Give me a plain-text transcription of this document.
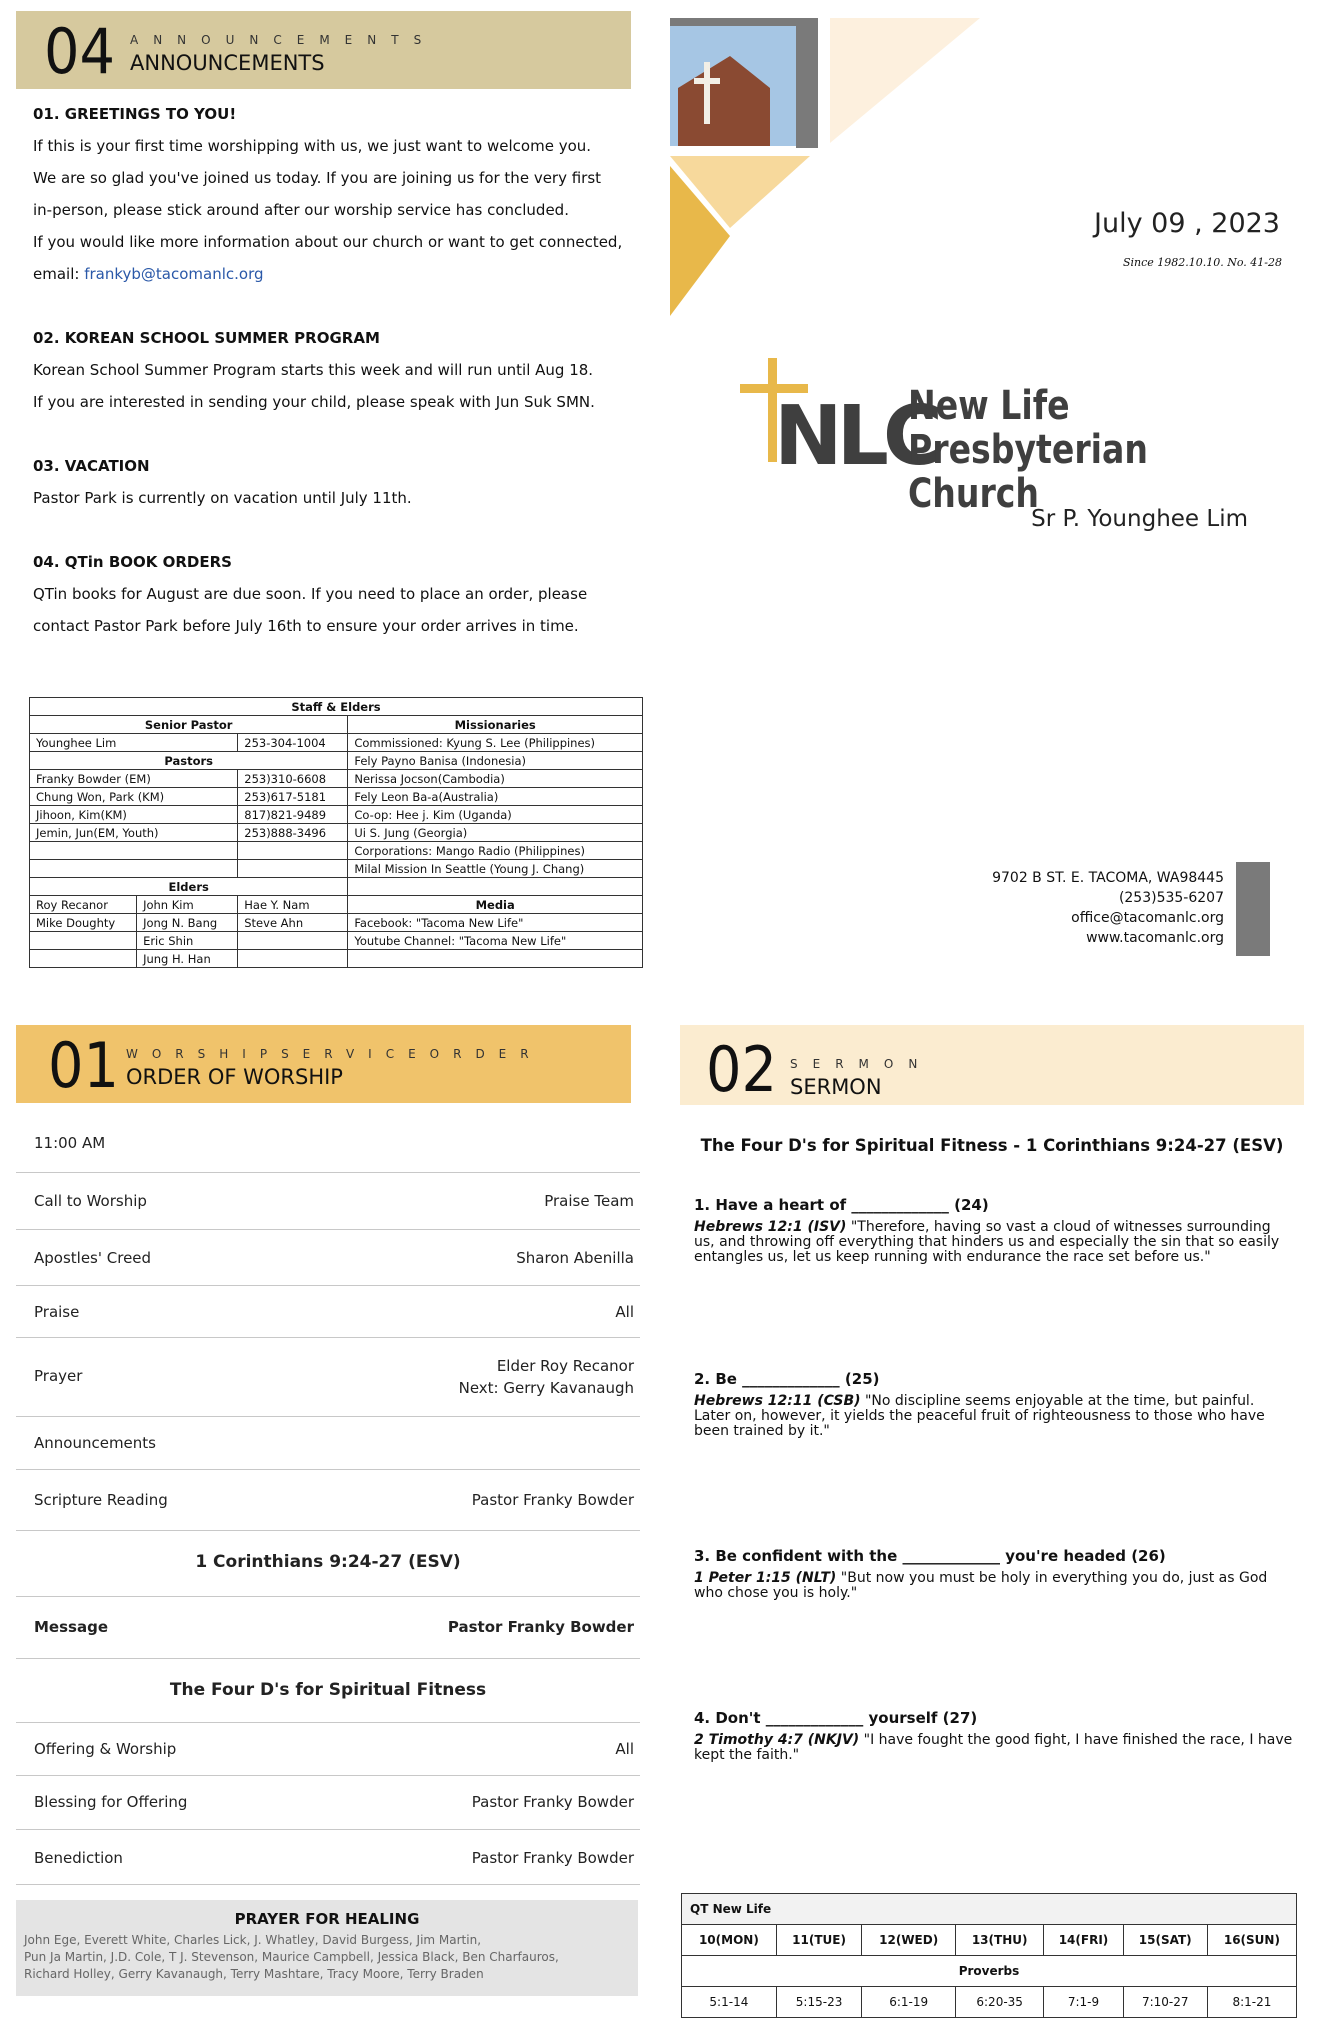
04 ANNOUNCEMENTS
ANNOUNCEMENTS
01. GREETINGS TO YOU!
If this is your first time worshipping with us, we just want to welcome you.
We are so glad you've joined us today. If you are joining us for the very first
in-person, please stick around after our worship service has concluded.
If you would like more information about our church or want to get connected,
email: frankyb@tacomanlc.org
02. KOREAN SCHOOL SUMMER PROGRAM
Korean School Summer Program starts this week and will run until Aug 18.
If you are interested in sending your child, please speak with Jun Suk SMN.
03. VACATION
Pastor Park is currently on vacation until July 11th.
04. QTin BOOK ORDERS
QTin books for August are due soon. If you need to place an order, please
contact Pastor Park before July 16th to ensure your order arrives in time.
Staff & Elders			
Senior Pastor			Missionaries
Younghee Lim		253-304-1004	Commissioned: Kyung S. Lee (Philippines)
Pastors			Fely Payno Banisa (Indonesia)
Franky Bowder (EM)		253)310-6608	Nerissa Jocson(Cambodia)
Chung Won, Park (KM)		253)617-5181	Fely Leon Ba-a(Australia)
Jihoon, Kim(KM)		817)821-9489	Co-op: Hee j. Kim (Uganda)
Jemin, Jun(EM, Youth)		253)888-3496	Ui S. Jung (Georgia)
			Corporations: Mango Radio (Philippines)
			Milal Mission In Seattle (Young J. Chang)
Elders			
Roy Recanor	John Kim	Hae Y. Nam	Media
Mike Doughty	Jong N. Bang	Steve Ahn	Facebook: "Tacoma New Life"
	Eric Shin		Youtube Channel: "Tacoma New Life"
	Jung H. Han		
July 09 , 2023
Since 1982.10.10. No. 41-28
NLC
New Life
Presbyterian Church
Sr P. Younghee Lim
9702 B ST. E. TACOMA, WA98445
(253)535-6207
office@tacomanlc.org
www.tacomanlc.org
01 WORSHIPSERVICEORDER
ORDER OF WORSHIP
11:00 AM
Call to Worship	Praise Team
Apostles' Creed	Sharon Abenilla
Praise	All
Prayer
Elder Roy Recanor
Next: Gerry Kavanaugh
Announcements
Scripture Reading	Pastor Franky Bowder
1 Corinthians 9:24-27 (ESV)
Message	Pastor Franky Bowder
The Four D's for Spiritual Fitness
Offering & Worship	All
Blessing for Offering	Pastor Franky Bowder
Benediction	Pastor Franky Bowder
PRAYER FOR HEALING
John Ege, Everett White, Charles Lick, J. Whatley, David Burgess, Jim Martin,
Pun Ja Martin, J.D. Cole, T J. Stevenson, Maurice Campbell, Jessica Black, Ben Charfauros,
Richard Holley, Gerry Kavanaugh, Terry Mashtare, Tracy Moore, Terry Braden
02 SERMON
SERMON
The Four D's for Spiritual Fitness - 1 Corinthians 9:24-27 (ESV)
1. Have a heart of _____________ (24)
Hebrews 12:1 (ISV) "Therefore, having so vast a cloud of witnesses surrounding us, and throwing off everything that hinders us and especially the sin that so easily entangles us, let us keep running with endurance the race set before us."
2. Be _____________ (25)
Hebrews 12:11 (CSB) "No discipline seems enjoyable at the time, but painful. Later on, however, it yields the peaceful fruit of righteousness to those who have been trained by it."
3. Be confident with the _____________ you're headed (26)
1 Peter 1:15 (NLT) "But now you must be holy in everything you do, just as God who chose you is holy."
4. Don't _____________ yourself (27)
2 Timothy 4:7 (NKJV) "I have fought the good fight, I have finished the race, I have kept the faith."
QT New Life						
10(MON)	11(TUE)	12(WED)	13(THU)	14(FRI)	15(SAT)	16(SUN)
Proverbs						
5:1-14	5:15-23	6:1-19	6:20-35	7:1-9	7:10-27	8:1-21
